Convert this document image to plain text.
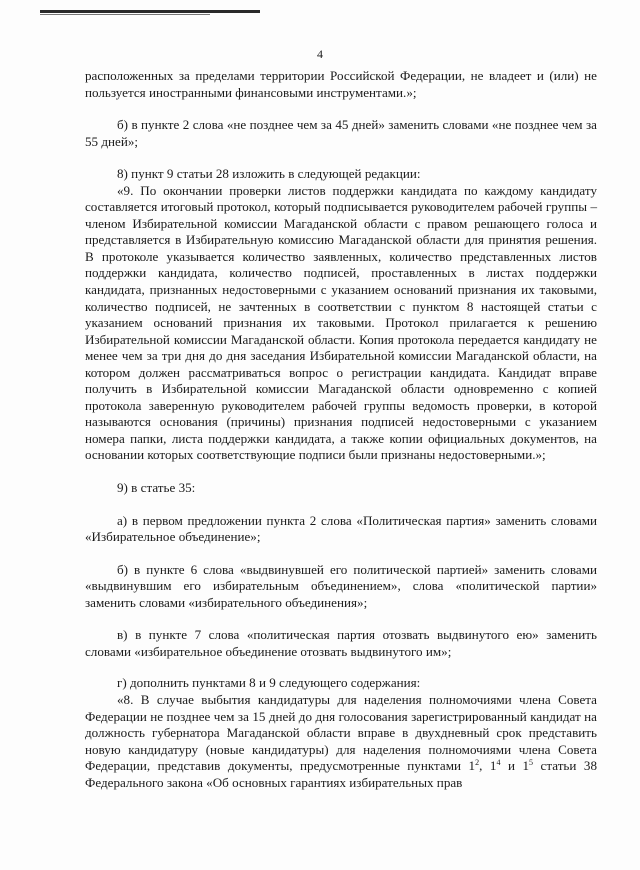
4

расположенных за пределами территории Российской Федерации, не владеет и (или) не пользуется иностранными финансовыми инструментами.»;

б) в пункте 2 слова «не позднее чем за 45 дней» заменить словами «не позднее чем за 55 дней»;

8) пункт 9 статьи 28 изложить в следующей редакции:

«9. По окончании проверки листов поддержки кандидата по каждому кандидату составляется итоговый протокол, который подписывается руководителем рабочей группы – членом Избирательной комиссии Магаданской области с правом решающего голоса и представляется в Избирательную комиссию Магаданской области для принятия решения. В протоколе указывается количество заявленных, количество представленных листов поддержки кандидата, количество подписей, проставленных в листах поддержки кандидата, признанных недостоверными с указанием оснований признания их таковыми, количество подписей, не зачтенных в соответствии с пунктом 8 настоящей статьи с указанием оснований признания их таковыми. Протокол прилагается к решению Избирательной комиссии Магаданской области. Копия протокола передается кандидату не менее чем за три дня до дня заседания Избирательной комиссии Магаданской области, на котором должен рассматриваться вопрос о регистрации кандидата. Кандидат вправе получить в Избирательной комиссии Магаданской области одновременно с копией протокола заверенную руководителем рабочей группы ведомость проверки, в которой называются основания (причины) признания подписей недостоверными с указанием номера папки, листа поддержки кандидата, а также копии официальных документов, на основании которых соответствующие подписи были признаны недостоверными.»;

9) в статье 35:

а) в первом предложении пункта 2 слова «Политическая партия» заменить словами «Избирательное объединение»;

б) в пункте 6 слова «выдвинувшей его политической партией» заменить словами «выдвинувшим его избирательным объединением», слова «политической партии» заменить словами «избирательного объединения»;

в) в пункте 7 слова «политическая партия отозвать выдвинутого ею» заменить словами «избирательное объединение отозвать выдвинутого им»;

г) дополнить пунктами 8 и 9 следующего содержания:

«8. В случае выбытия кандидатуры для наделения полномочиями члена Совета Федерации не позднее чем за 15 дней до дня голосования зарегистрированный кандидат на должность губернатора Магаданской области вправе в двухдневный срок представить новую кандидатуру (новые кандидатуры) для наделения полномочиями члена Совета Федерации, представив документы, предусмотренные пунктами $1^2$, $1^4$ и $1^5$ статьи 38 Федерального закона «Об основных гарантиях избирательных прав
